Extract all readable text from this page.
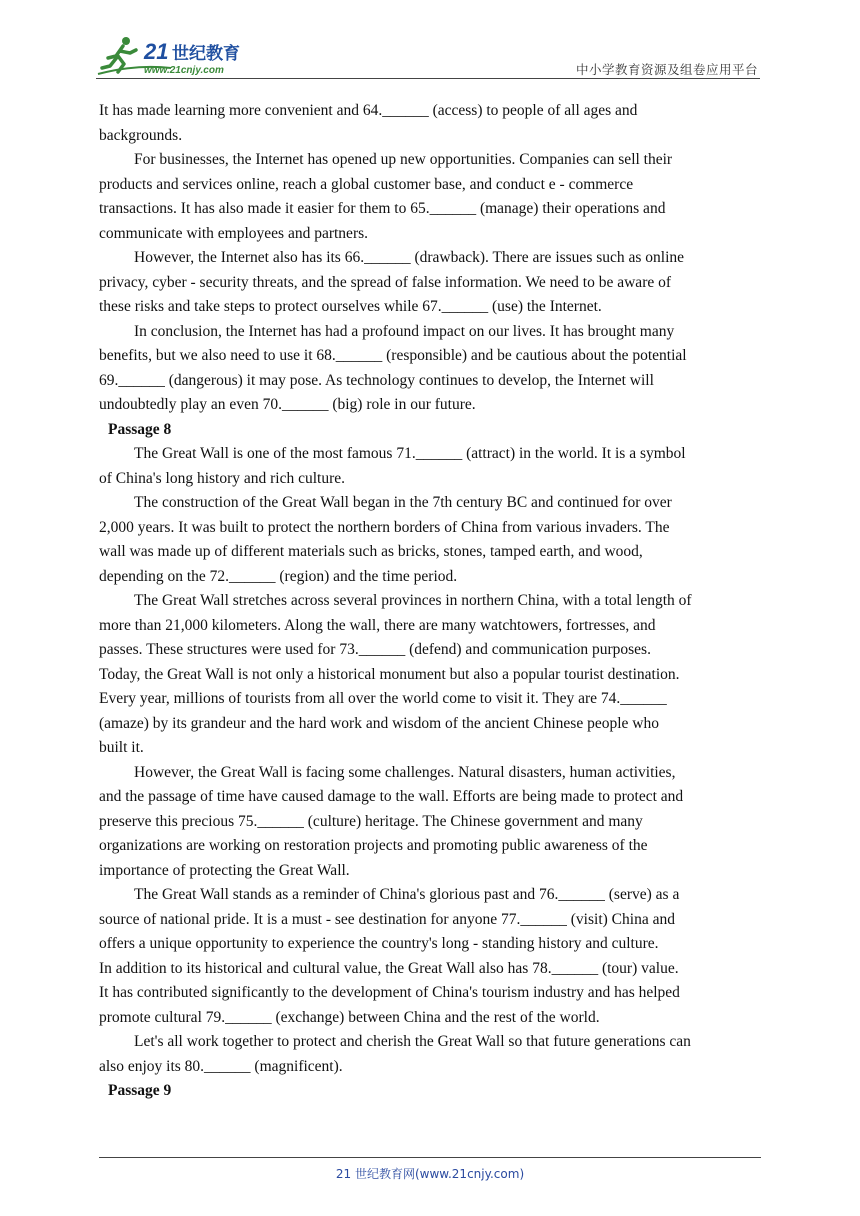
21 世纪教育
www.21cnjy.com	中小学教育资源及组卷应用平台

It has made learning more convenient and 64.______ (access) to people of all ages and

backgrounds.

For businesses, the Internet has opened up new opportunities. Companies can sell their

products and services online, reach a global customer base, and conduct e - commerce

transactions. It has also made it easier for them to 65.______ (manage) their operations and

communicate with employees and partners.

However, the Internet also has its 66.______ (drawback). There are issues such as online

privacy, cyber - security threats, and the spread of false information. We need to be aware of

these risks and take steps to protect ourselves while 67.______ (use) the Internet.

In conclusion, the Internet has had a profound impact on our lives. It has brought many

benefits, but we also need to use it 68.______ (responsible) and be cautious about the potential

69.______ (dangerous) it may pose. As technology continues to develop, the Internet will

undoubtedly play an even 70.______ (big) role in our future.

Passage 8

The Great Wall is one of the most famous 71.______ (attract) in the world. It is a symbol

of China's long history and rich culture.

The construction of the Great Wall began in the 7th century BC and continued for over

2,000 years. It was built to protect the northern borders of China from various invaders. The

wall was made up of different materials such as bricks, stones, tamped earth, and wood,

depending on the 72.______ (region) and the time period.

The Great Wall stretches across several provinces in northern China, with a total length of

more than 21,000 kilometers. Along the wall, there are many watchtowers, fortresses, and

passes. These structures were used for 73.______ (defend) and communication purposes.

Today, the Great Wall is not only a historical monument but also a popular tourist destination.

Every year, millions of tourists from all over the world come to visit it. They are 74.______

(amaze) by its grandeur and the hard work and wisdom of the ancient Chinese people who

built it.

However, the Great Wall is facing some challenges. Natural disasters, human activities,

and the passage of time have caused damage to the wall. Efforts are being made to protect and

preserve this precious 75.______ (culture) heritage. The Chinese government and many

organizations are working on restoration projects and promoting public awareness of the

importance of protecting the Great Wall.

The Great Wall stands as a reminder of China's glorious past and 76.______ (serve) as a

source of national pride. It is a must - see destination for anyone 77.______ (visit) China and

offers a unique opportunity to experience the country's long - standing history and culture.

In addition to its historical and cultural value, the Great Wall also has 78.______ (tour) value.

It has contributed significantly to the development of China's tourism industry and has helped

promote cultural 79.______ (exchange) between China and the rest of the world.

Let's all work together to protect and cherish the Great Wall so that future generations can

also enjoy its 80.______ (magnificent).

Passage 9

21 世纪教育网(www.21cnjy.com)
